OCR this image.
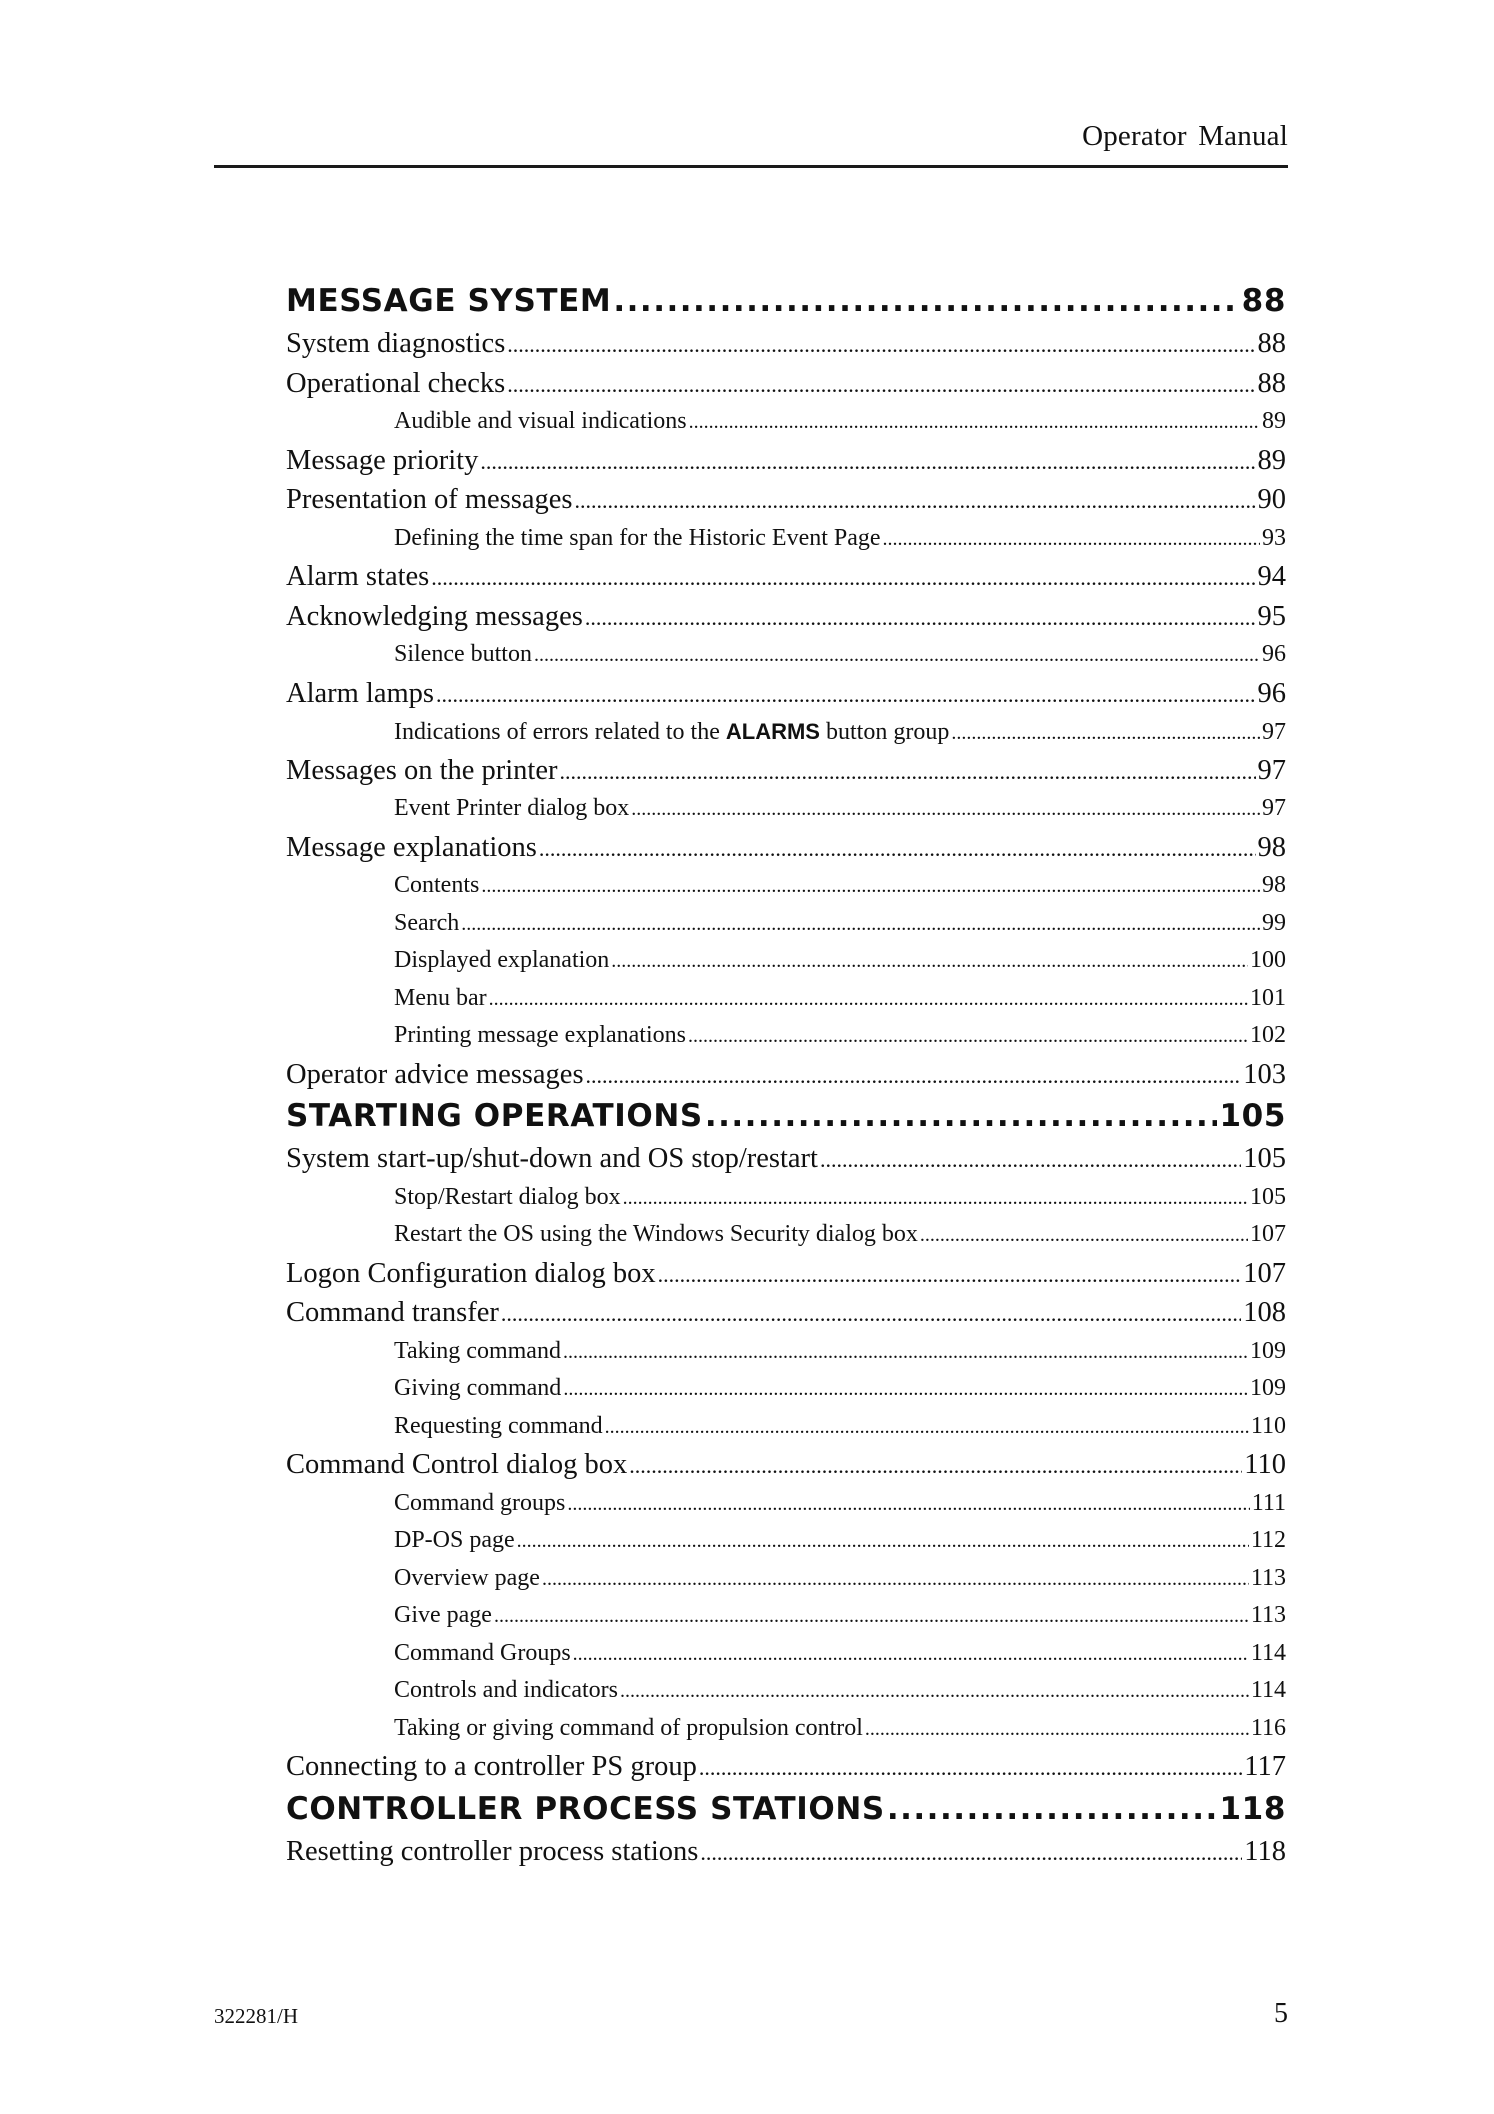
Operator Manual
MESSAGE SYSTEM .....	88
System diagnostics .....	88
Operational checks .....	88
Audible and visual indications .....	89
Message priority .....	89
Presentation of messages .....	90
Defining the time span for the Historic Event Page .....	93
Alarm states .....	94
Acknowledging messages .....	95
Silence button .....	96
Alarm lamps .....	96
Indications of errors related to the ALARMS button group .....	97
Messages on the printer .....	97
Event Printer dialog box .....	97
Message explanations .....	98
Contents .....	98
Search .....	99
Displayed explanation .....	100
Menu bar .....	101
Printing message explanations .....	102
Operator advice messages .....	103
STARTING OPERATIONS .....	105
System start-up/shut-down and OS stop/restart .....	105
Stop/Restart dialog box .....	105
Restart the OS using the Windows Security dialog box .....	107
Logon Configuration dialog box .....	107
Command transfer .....	108
Taking command .....	109
Giving command .....	109
Requesting command .....	110
Command Control dialog box .....	110
Command groups .....	111
DP-OS page .....	112
Overview page .....	113
Give page .....	113
Command Groups .....	114
Controls and indicators .....	114
Taking or giving command of propulsion control .....	116
Connecting to a controller PS group .....	117
CONTROLLER PROCESS STATIONS .....	118
Resetting controller process stations .....	118
322281/H	5
